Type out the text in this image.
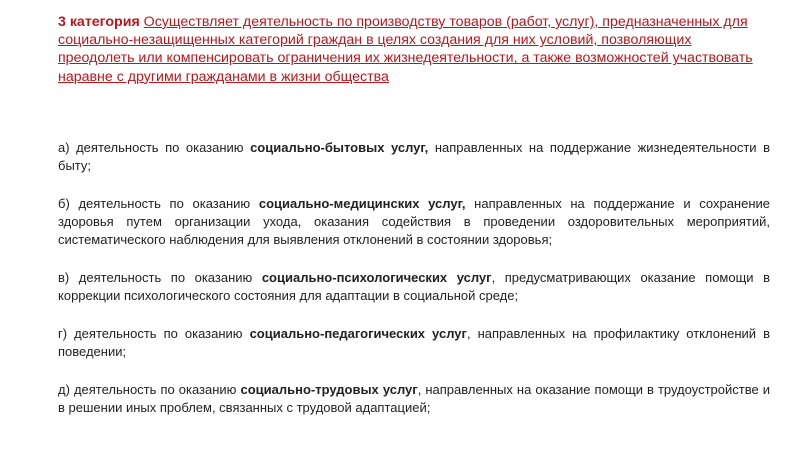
3 категория Осуществляет деятельность по производству товаров (работ, услуг), предназначенных для социально-незащищенных категорий граждан в целях создания для них условий, позволяющих преодолеть или компенсировать ограничения их жизнедеятельности, а также возможностей участвовать наравне с другими гражданами в жизни общества

а) деятельность по оказанию социально-бытовых услуг, направленных на поддержание жизнедеятельности в быту;

б) деятельность по оказанию социально-медицинских услуг, направленных на поддержание и сохранение здоровья путем организации ухода, оказания содействия в проведении оздоровительных мероприятий, систематического наблюдения для выявления отклонений в состоянии здоровья;

в) деятельность по оказанию социально-психологических услуг, предусматривающих оказание помощи в коррекции психологического состояния для адаптации в социальной среде;

г) деятельность по оказанию социально-педагогических услуг, направленных на профилактику отклонений в поведении;

д) деятельность по оказанию социально-трудовых услуг, направленных на оказание помощи в трудоустройстве и в решении иных проблем, связанных с трудовой адаптацией;
